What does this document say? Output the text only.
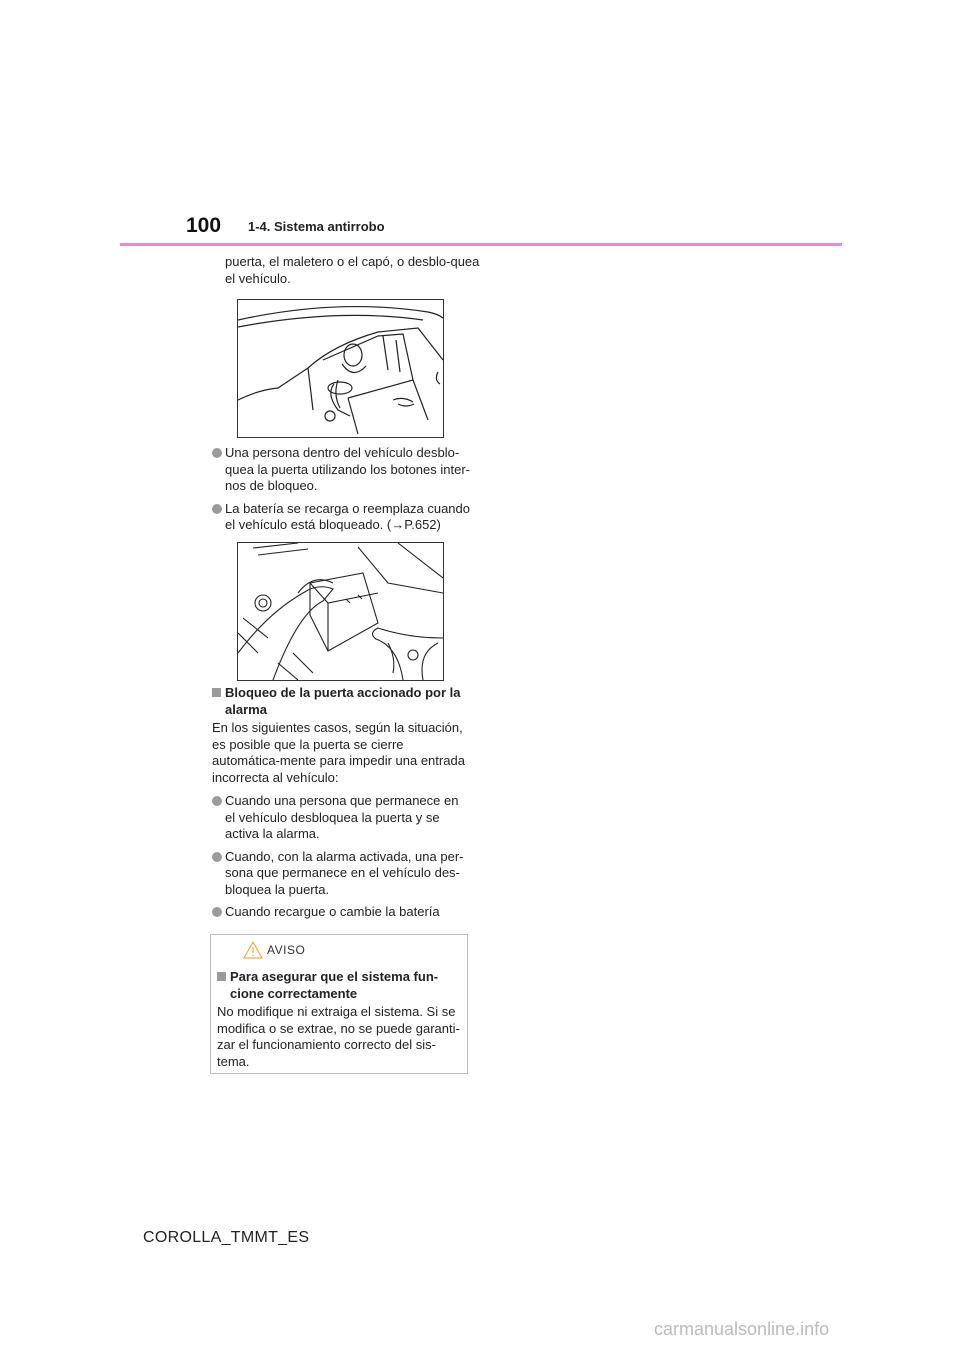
100 1-4. Sistema antirrobo
puerta, el maletero o el capó, o desblo-quea el vehículo.
Una persona dentro del vehículo desblo-quea la puerta utilizando los botones inter-nos de bloqueo.
La batería se recarga o reemplaza cuando el vehículo está bloqueado. (→P.652)
Bloqueo de la puerta accionado por la alarma
En los siguientes casos, según la situación, es posible que la puerta se cierre automática-mente para impedir una entrada incorrecta al vehículo:
Cuando una persona que permanece en el vehículo desbloquea la puerta y se activa la alarma.
Cuando, con la alarma activada, una per-sona que permanece en el vehículo des-bloquea la puerta.
Cuando recargue o cambie la batería
AVISO
Para asegurar que el sistema fun-cione correctamente
No modifique ni extraiga el sistema. Si se modifica o se extrae, no se puede garanti-zar el funcionamiento correcto del sis-tema.
COROLLA_TMMT_ES
carmanualsonline.info
